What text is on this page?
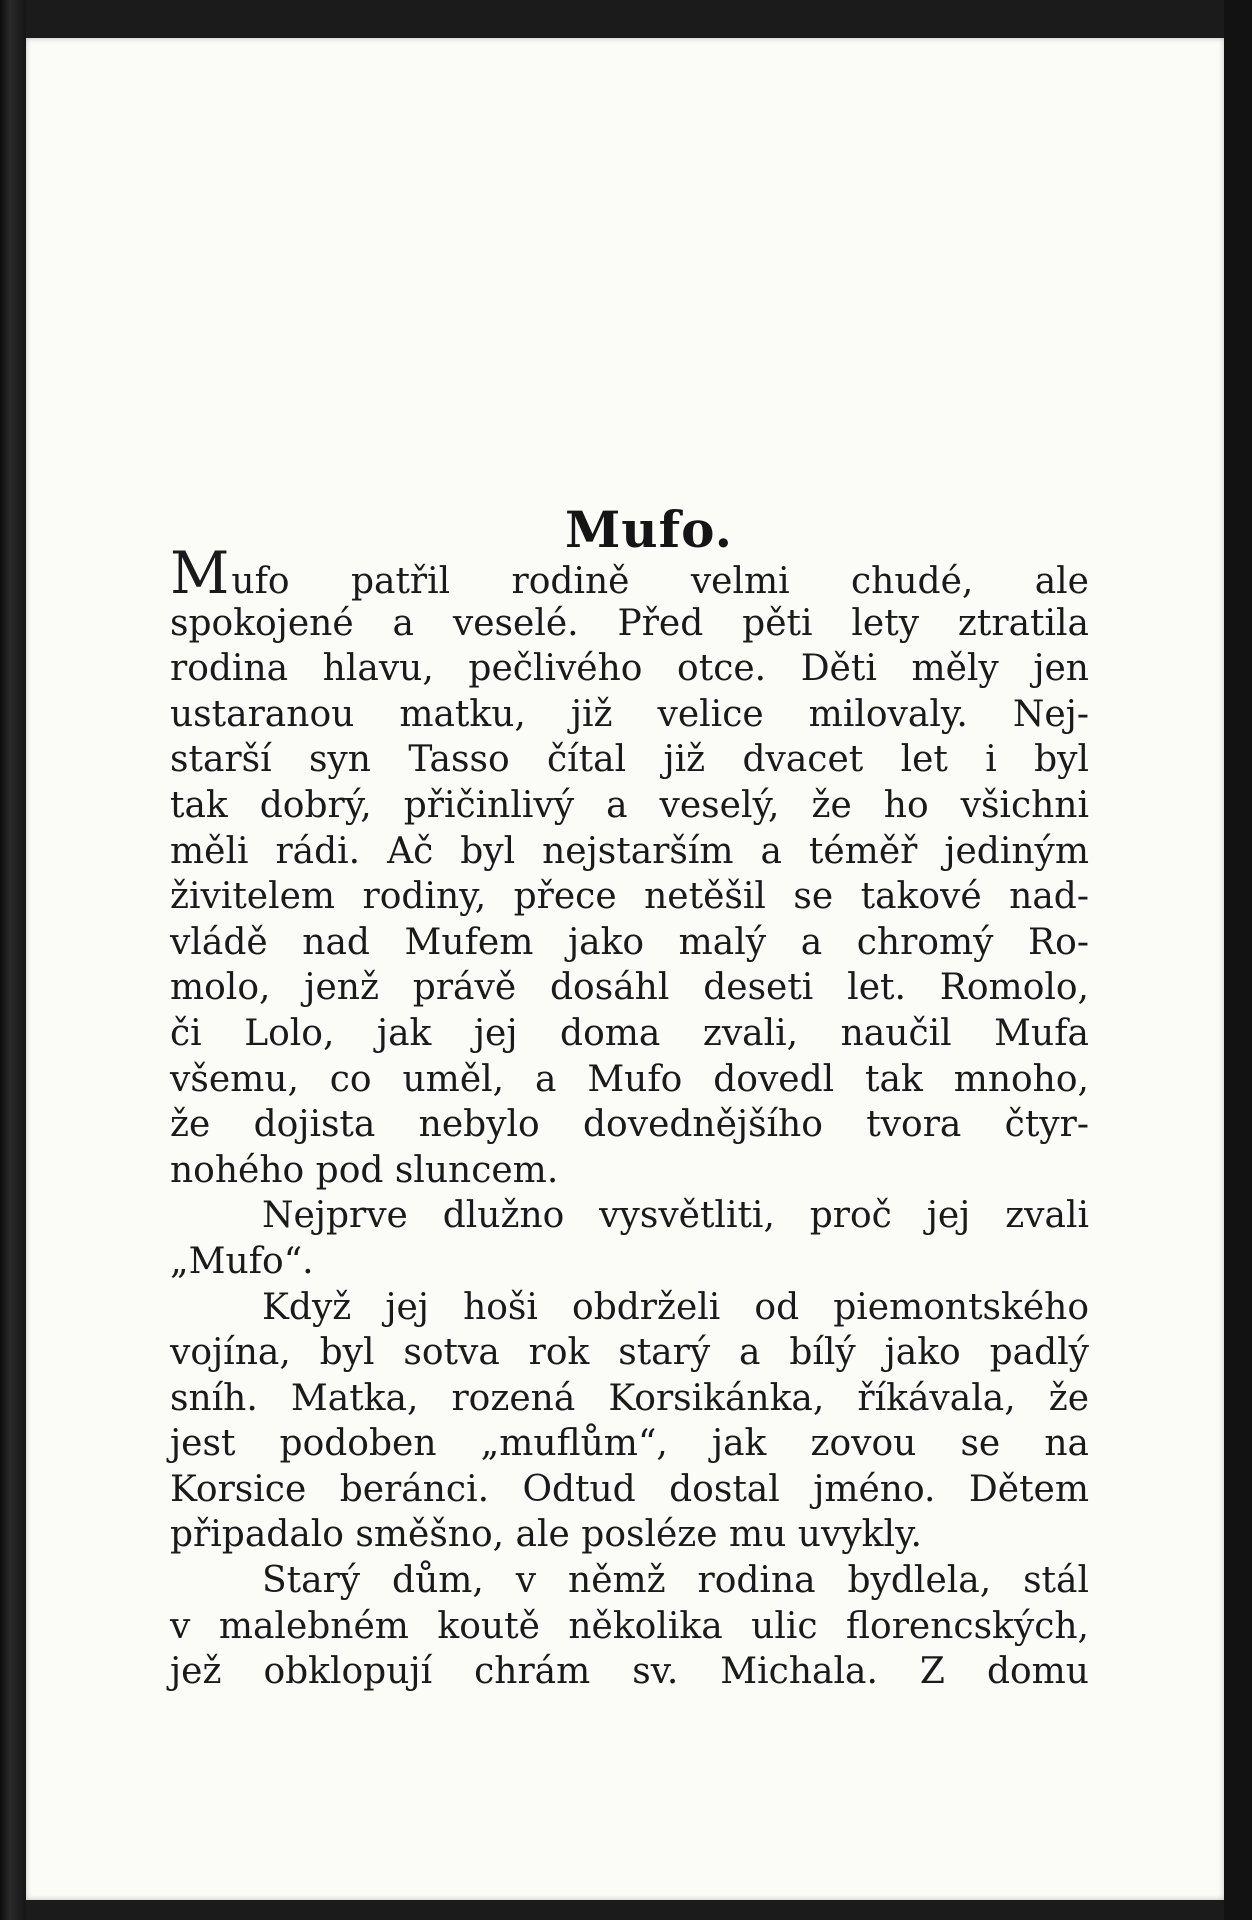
Mufo.
Mufo patřil rodině velmi chudé, ale
spokojené a veselé. Před pěti lety ztratila
rodina hlavu, pečlivého otce. Děti měly jen
ustaranou matku, již velice milovaly. Nej-
starší syn Tasso čítal již dvacet let i byl
tak dobrý, přičinlivý a veselý, že ho všichni
měli rádi. Ač byl nejstarším a téměř jediným
živitelem rodiny, přece netěšil se takové nad-
vládě nad Mufem jako malý a chromý Ro-
molo, jenž právě dosáhl deseti let. Romolo,
či Lolo, jak jej doma zvali, naučil Mufa
všemu, co uměl, a Mufo dovedl tak mnoho,
že dojista nebylo dovednějšího tvora čtyr-
nohého pod sluncem.
Nejprve dlužno vysvětliti, proč jej zvali
„Mufo“.
Když jej hoši obdrželi od piemontského
vojína, byl sotva rok starý a bílý jako padlý
sníh. Matka, rozená Korsikánka, říkávala, že
jest podoben „muflům“, jak zovou se na
Korsice beránci. Odtud dostal jméno. Dětem
připadalo směšno, ale posléze mu uvykly.
Starý dům, v němž rodina bydlela, stál
v malebném koutě několika ulic florencských,
jež obklopují chrám sv. Michala. Z domu
